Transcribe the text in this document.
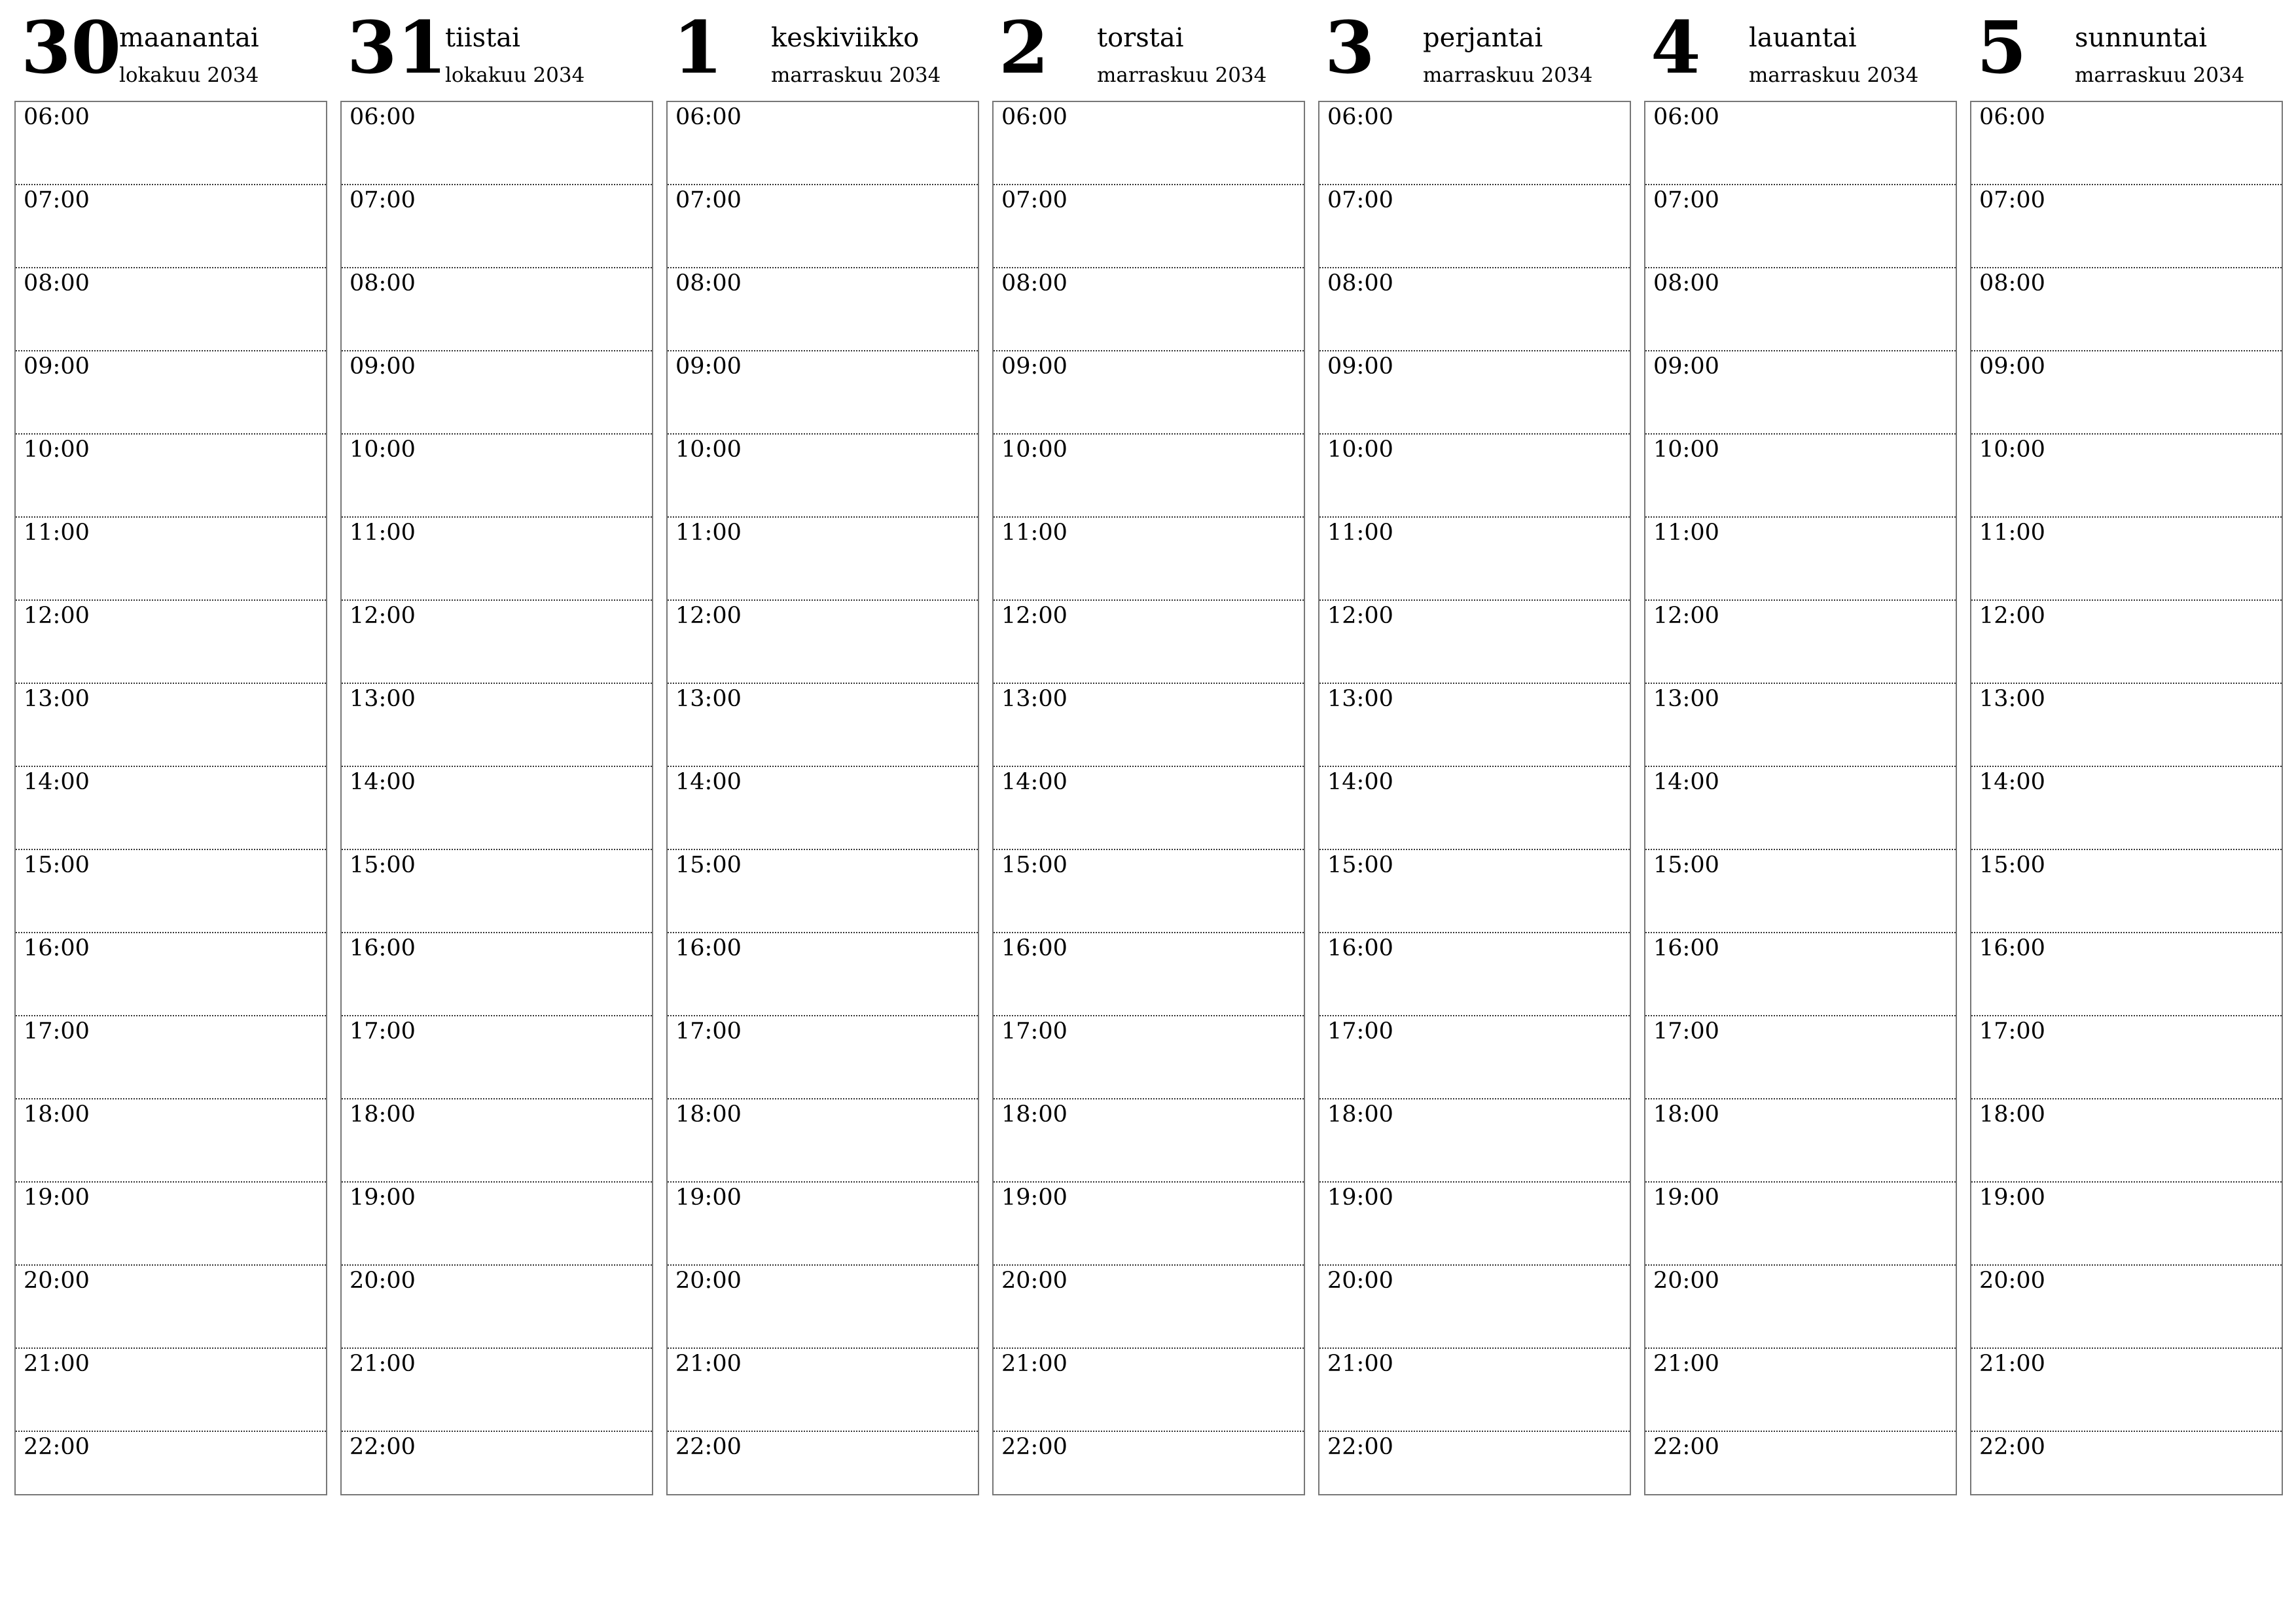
30
maanantai
lokakuu 2034
06:00
07:00
08:00
09:00
10:00
11:00
12:00
13:00
14:00
15:00
16:00
17:00
18:00
19:00
20:00
21:00
22:00
31
tiistai
lokakuu 2034
06:00
07:00
08:00
09:00
10:00
11:00
12:00
13:00
14:00
15:00
16:00
17:00
18:00
19:00
20:00
21:00
22:00
1 keskiviikko
marraskuu 2034
06:00
07:00
08:00
09:00
10:00
11:00
12:00
13:00
14:00
15:00
16:00
17:00
18:00
19:00
20:00
21:00
22:00
2 torstai
marraskuu 2034
06:00
07:00
08:00
09:00
10:00
11:00
12:00
13:00
14:00
15:00
16:00
17:00
18:00
19:00
20:00
21:00
22:00
3 perjantai
marraskuu 2034
06:00
07:00
08:00
09:00
10:00
11:00
12:00
13:00
14:00
15:00
16:00
17:00
18:00
19:00
20:00
21:00
22:00
4 lauantai
marraskuu 2034
06:00
07:00
08:00
09:00
10:00
11:00
12:00
13:00
14:00
15:00
16:00
17:00
18:00
19:00
20:00
21:00
22:00
5 sunnuntai
marraskuu 2034
06:00
07:00
08:00
09:00
10:00
11:00
12:00
13:00
14:00
15:00
16:00
17:00
18:00
19:00
20:00
21:00
22:00
